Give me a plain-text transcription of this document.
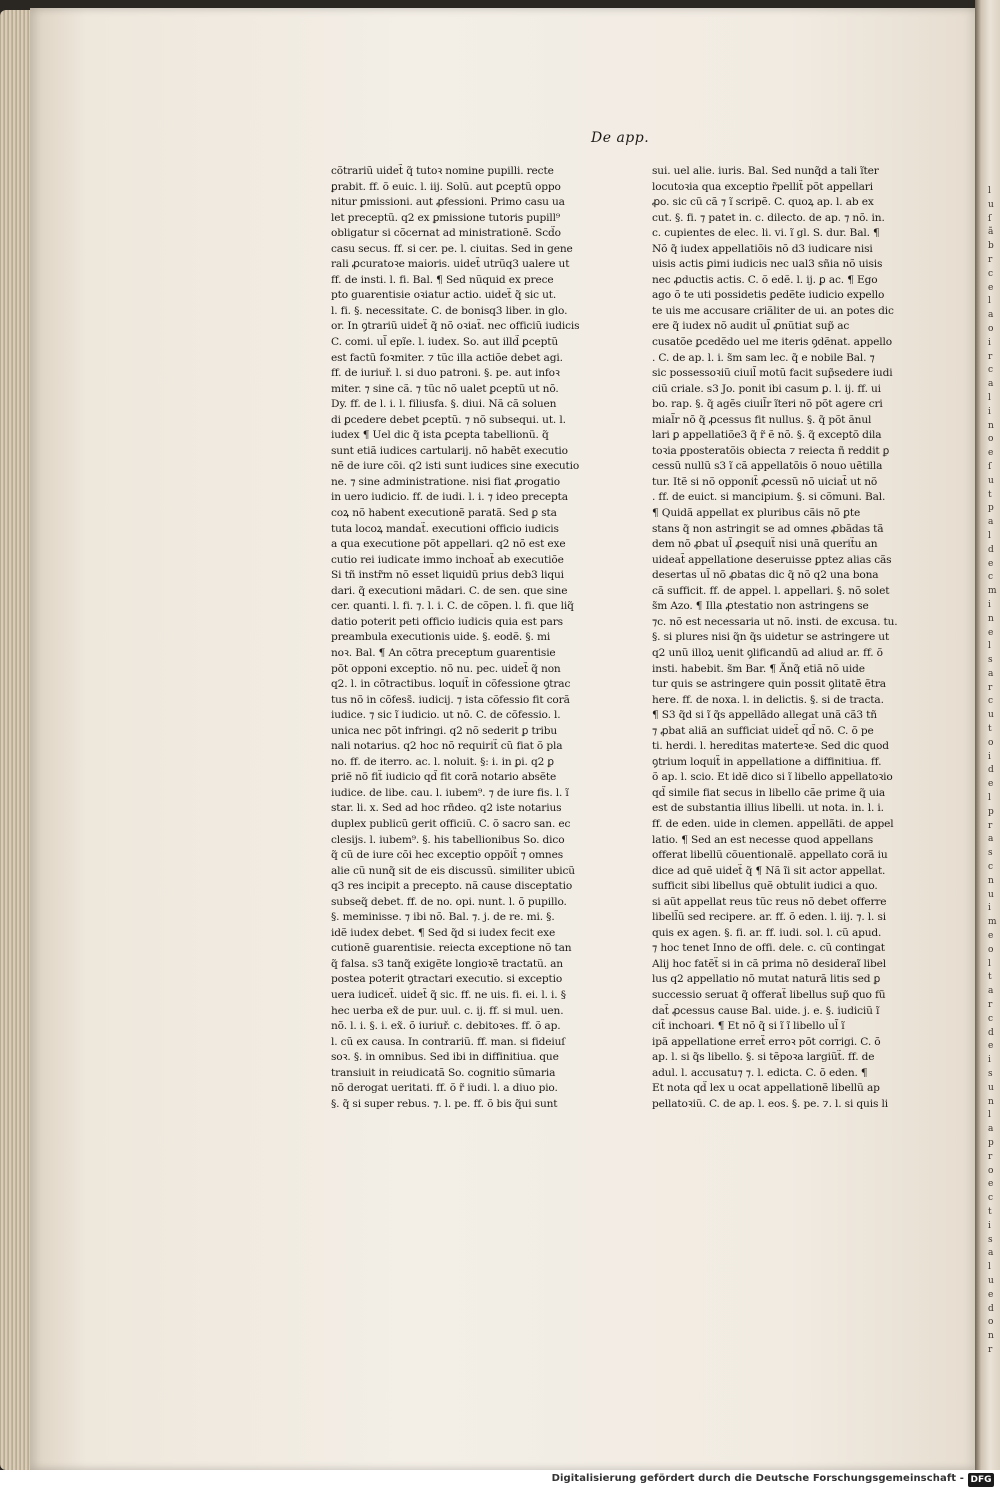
l
u
ſ
ã
b
r
c
e
l
a
o
i
r
c
a
l
i
n
o
e
ſ
u
t
p
a
l
d
e
c
m
i
n
e
l
s
a
r
c
u
t
o
i
d
e
l
p
r
a
s
c
n
u
i
m
e
o
l
t
a
r
c
d
e
i
s
u
n
l
a
p
r
o
e
c
t
i
s
a
l
u
e
d
o
n
r
De app.
cõtrariũ uidet̃ q̃ tutoꝛ nomine pupilli. recte
ꝑrabit. ff. õ euic. l. iij. Solũ. aut ꝑceptũ oppo
nitur ꝑmissioni. aut ꝓfessioni. Primo casu ua
let preceptũ. q2 ex ꝑmissione tutoris pupill⁹
obligatur si cõcernat ad ministrationẽ. Scd̃o
casu secus. ff. si cer. pe. l. ciuitas. Sed in gene
rali ꝓcuratoꝛe maioris. uidet̃ utrũq3 ualere ut
ff. de insti. l. fi. Bal. ¶ Sed nũquid ex prece
pto guarentisie oꝛiatur actio. uidet̃ q̃ sic ut.
l. fi. §. necessitate. C. de bonisq3 liber. in glo.
or. In ꝯtrariũ uidet̃ q̃ nõ oꝛiat̃. nec officiũ iudicis
C. comi. ul̃ epĩe. l. iudex. So. aut illd̃ ꝑceptũ
est factũ foꝛmiter. ⁊ tũc illa actiõe debet agi.
ff. de iuriuř. l. si duo patroni. §. pe. aut infoꝛ
miter. ⁊ sine cã. ⁊ tũc nõ ualet ꝑceptũ ut nõ.
Dy. ff. de l. i. l. filiusfa. §. diui. Nã cã soluen
di ꝑcedere debet ꝑceptũ. ⁊ nõ subsequi. ut. l.
iudex ¶ Uel dic q̃ ista ꝑcepta tabellionũ. q̃
sunt etiã iudices cartularij. nõ habẽt executio
nẽ de iure cõi. q2 isti sunt iudices sine executio
ne. ⁊ sine administratione. nisi fiat ꝓrogatio
in uero iudicio. ff. de iudi. l. i. ⁊ ideo precepta
coꝝ nõ habent executionẽ paratã. Sed ꝑ sta
tuta locoꝝ mandat̃. executioni officio iudicis
a qua executione põt appellari. q2 nõ est exe
cutio rei iudicate immo inchoat̃ ab executiõe
Si tñ instr̃m nõ esset liquidũ prius deb3 liqui
dari. q̃ executioni mãdari. C. de sen. que sine
cer. quanti. l. fi. ⁊. l. i. C. de cõpen. l. fi. que liq̃
datio poterit peti officio iudicis quia est pars
preambula executionis uide. §. eodẽ. §. mi
noꝛ. Bal. ¶ An cõtra preceptum guarentisie
põt opponi exceptio. nõ nu. pec. uidet̃ q̃ non
q2. l. in cõtractibus. loquit̃ in cõfessione ꝯtrac
tus nõ in cõfess̃. iudicij. ⁊ ista cõfessio fit corã
iudice. ⁊ sic ĩ iudicio. ut nõ. C. de cõfessio. l.
unica nec põt infringi. q2 nõ sederit ꝑ tribu
nali notarius. q2 hoc nõ requirit̃ cũ fiat õ pla
no. ff. de iterro. ac. l. noluit. §: i. in ꝑi. q2 ꝑ
priẽ nõ fit̃ iudicio qd̃ fit corã notario absẽte
iudice. de libe. cau. l. iubem⁹. ⁊ de iure fis. l. ĩ
star. li. x. Sed ad hoc rñdeo. q2 iste notarius
duplex publicũ gerit officiũ. C. õ sacro san. ec
clesijs. l. iubem⁹. §. his tabellionibus So. dico
q̃ cũ de iure cõi hec exceptio oppõit̃ ⁊ omnes
alie cũ nunq̃ sit de eis discussũ. similiter ubicũ
q3 res incipit a precepto. nã cause disceptatio
subseq̃ debet. ff. de no. opi. nunt. l. õ pupillo.
§. meminisse. ⁊ ibi nõ. Bal. ⁊. j. de re. mi. §.
idẽ iudex debet. ¶ Sed q̃d si iudex fecit exe
cutionẽ guarentisie. reiecta exceptione nõ tan
q̃ falsa. s3 tanq̃ exigẽte longioꝛẽ tractatũ. an
postea poterit ꝯtractari executio. si exceptio
uera iudicet̃. uidet̃ q̃ sic. ff. ne uis. fi. ei. l. i. §
hec uerba ex̃ de pur. uul. c. ij. ff. si mul. uen.
nõ. l. i. §. i. ex̃. õ iuriuř. c. debitoꝛes. ff. õ ap.
l. cũ ex causa. In contrariũ. ff. man. si fideiuſ
soꝛ. §. in omnibus. Sed ibi in diffinitiua. que
transiuit in reiudicatã So. cognitio sũmaria
nõ derogat ueritati. ff. õ r̃ iudi. l. a diuo pio.
§. q̃ si super rebus. ⁊. l. pe. ff. õ bis q̃ui sunt
sui. uel alie. iuris. Bal. Sed nunq̃d a tali ĩter
locutoꝛia qua exceptio r̃pellit̃ põt appellari
ꝓo. sic cũ cã ⁊ ĩ scripẽ. C. quoꝝ ap. l. ab ex
cut. §. fi. ⁊ patet in. c. dilecto. de ap. ⁊ nõ. in.
c. cupientes de elec. li. vi. ĩ gl. S. dur. Bal. ¶
Nõ q̃ iudex appellatiõis nõ d3 iudicare nisi
uisis actis ꝑimi iudicis nec ual3 sñia nõ uisis
nec ꝓductis actis. C. õ edẽ. l. ij. ꝑ ac. ¶ Ego
ago õ te uti possidetis ꝑedẽte iudicio expello
te uis me accusare criãliter de ui. an potes dic
ere q̃ iudex nõ audit ul̃ ꝓnũtiat sup̃ ac
cusatõe ꝑcedẽdo uel me iteris ꝯdẽnat. appello
. C. de ap. l. i. s̃m sam lec. q̃ e nobile Bal. ⁊
sic possessoꝛiũ ciuil̃ motũ facit sup̃sedere iudi
ciũ criale. s3 Jo. ponit ibi casum ꝑ. l. ij. ff. ui
bo. rap. §. q̃ agẽs ciuil̃r ĩteri nõ põt agere cri
mial̃r nõ q̃ ꝓcessus fit nullus. §. q̃ põt ãnul
lari ꝑ appellatiõe3 q̃ r̃ ẽ nõ. §. q̃ exceptõ dila
toꝛia ꝑposteratõis obiecta ⁊ reiecta ñ reddit ꝑ
cessũ nullũ s3 ĩ cã appellatõis õ nouo uẽtilla
tur. Itẽ si nõ opponit̃ ꝓcessũ nõ uiciat̃ ut nõ
. ff. de euict. si mancipium. §. si cõmuni. Bal.
¶ Quidã appellat ex pluribus cãis nõ ꝑte
stans q̃ non astringit se ad omnes ꝓbãdas tã
dem nõ ꝓbat ul̃ ꝓsequit̃ nisi unã querit̃u an
uideat̃ appellatione deseruisse ꝑptez alias cãs
desertas ul̃ nõ ꝓbatas dic q̃ nõ q2 una bona
cã sufficit. ff. de appel. l. appellari. §. nõ solet
s̃m Azo. ¶ Illa ꝓtestatio non astringens se
⁊c. nõ est necessaria ut nõ. insti. de excusa. tu.
§. si plures nisi q̃n q̃s uidetur se astringere ut
q2 unũ illoꝝ uenit ꝯlificandũ ad aliud ar. ff. õ
insti. habebit. s̃m Bar. ¶ Ãnq̃ etiã nõ uide
tur quis se astringere quin possit ꝯlitatẽ ẽtra
here. ff. de noxa. l. in delictis. §. si de tracta.
¶ S3 q̃d si ĩ q̃s appellãdo allegat unã cã3 tñ
⁊ ꝓbat aliã an sufficiat uidet̃ qd̃ nõ. C. õ pe
ti. herdi. l. hereditas materteꝛe. Sed dic quod
ꝯtrium loquit̃ in appellatione a diffinitiua. ff.
õ ap. l. scio. Et idẽ dico si ĩ libello appellatoꝛio
qd̃ simile fiat secus in libello cãe prime q̃ uia
est de substantia illius libelli. ut nota. in. l. i.
ff. de eden. uide in clemen. appellãti. de appel
latio. ¶ Sed an est necesse quod appellans
offerat libellũ cõuentionalẽ. appellato corã iu
dice ad quẽ uidet̃ q̃ ¶ Nã ĩi sit actor appellat.
sufficit sibi libellus quẽ obtulit iudici a quo.
si aũt appellat reus tũc reus nõ debet offerre
libell̃ũ sed recipere. ar. ff. õ eden. l. iij. ⁊. l. si
quis ex agen. §. fi. ar. ff. iudi. sol. l. cũ apud.
⁊ hoc tenet Inno de offi. dele. c. cũ contingat
Alij hoc fatẽt̃ si in cã prima nõ desideraĩ libel
lus q2 appellatio nõ mutat naturã litis sed ꝑ
successio seruat q̃ offerat̃ libellus sup̃ quo fũ
dat̃ ꝓcessus cause Bal. uide. j. e. §. iudiciũ ĩ
cit̃ inchoari. ¶ Et nõ q̃ si ĩ ĩ libello ul̃ ĩ
ipã appellatione erret̃ erroꝛ põt corrigi. C. õ
ap. l. si q̃s libello. §. si tẽpoꝛa largiũt̃. ff. de
adul. l. accusatu⁊ ⁊. l. edicta. C. õ eden. ¶
Et nota qd̃ lex u ocat appellationẽ libellũ ap
pellatoꝛiũ. C. de ap. l. eos. §. pe. ⁊. l. si quis li
Digitalisierung gefördert durch die Deutsche Forschungsgemeinschaft - DFG
